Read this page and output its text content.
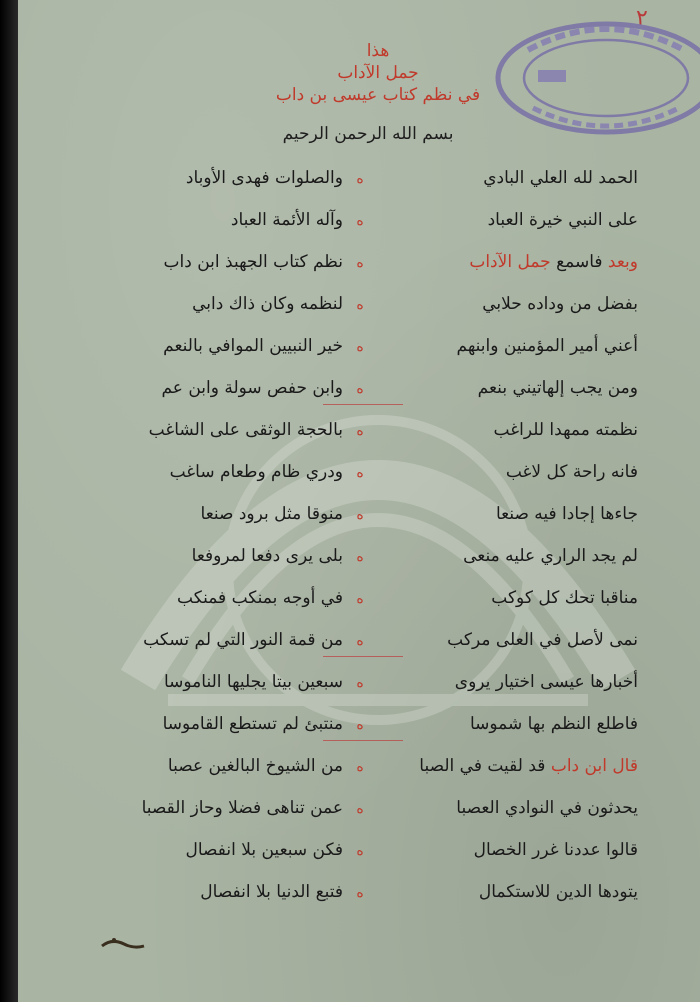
٢
هذا
جمل الآداب
في نظم كتاب عيسى بن داب
بسم الله الرحمن الرحيم
الحمد لله العلي البادي
ه
والصلوات فهدى الأوباد
على النبي خيرة العباد
ه
وآله الأئمة العباد
وبعد فاسمع جمل الآداب
ه
نظم كتاب الجهبذ ابن داب
بفضل من وداده حلابي
ه
لنظمه وكان ذاك دابي
أعني أمير المؤمنين وابنهم
ه
خير النبيين الموافي بالنعم
ومن يجب إلهاتيني بنعم
ه
وابن حفص سولة وابن عم
نظمته ممهدا للراغب
ه
بالحجة الوثقى على الشاغب
فانه راحة كل لاغب
ه
ودري ظام وطعام ساغب
جاءها إجادا فيه صنعا
ه
منوقا مثل برود صنعا
لم يجد الراري عليه منعى
ه
بلى يرى دفعا لمروفعا
مناقبا تحك كل كوكب
ه
في أوجه بمنكب فمنكب
نمى لأصل في العلى مركب
ه
من قمة النور التي لم تسكب
أخبارها عيسى اختيار يروى
ه
سبعين بيتا يجليها الناموسا
فاطلع النظم بها شموسا
ه
منتبئ لم تستطع القاموسا
قال ابن داب قد لقيت في الصبا
ه
من الشيوخ البالغين عصبا
يحدثون في النوادي العصبا
ه
عمن تناهى فضلا وحاز القصبا
قالوا عددنا غرر الخصال
ه
فكن سبعين بلا انفصال
يتودها الدين للاستكمال
ه
فتبع الدنيا بلا انفصال
